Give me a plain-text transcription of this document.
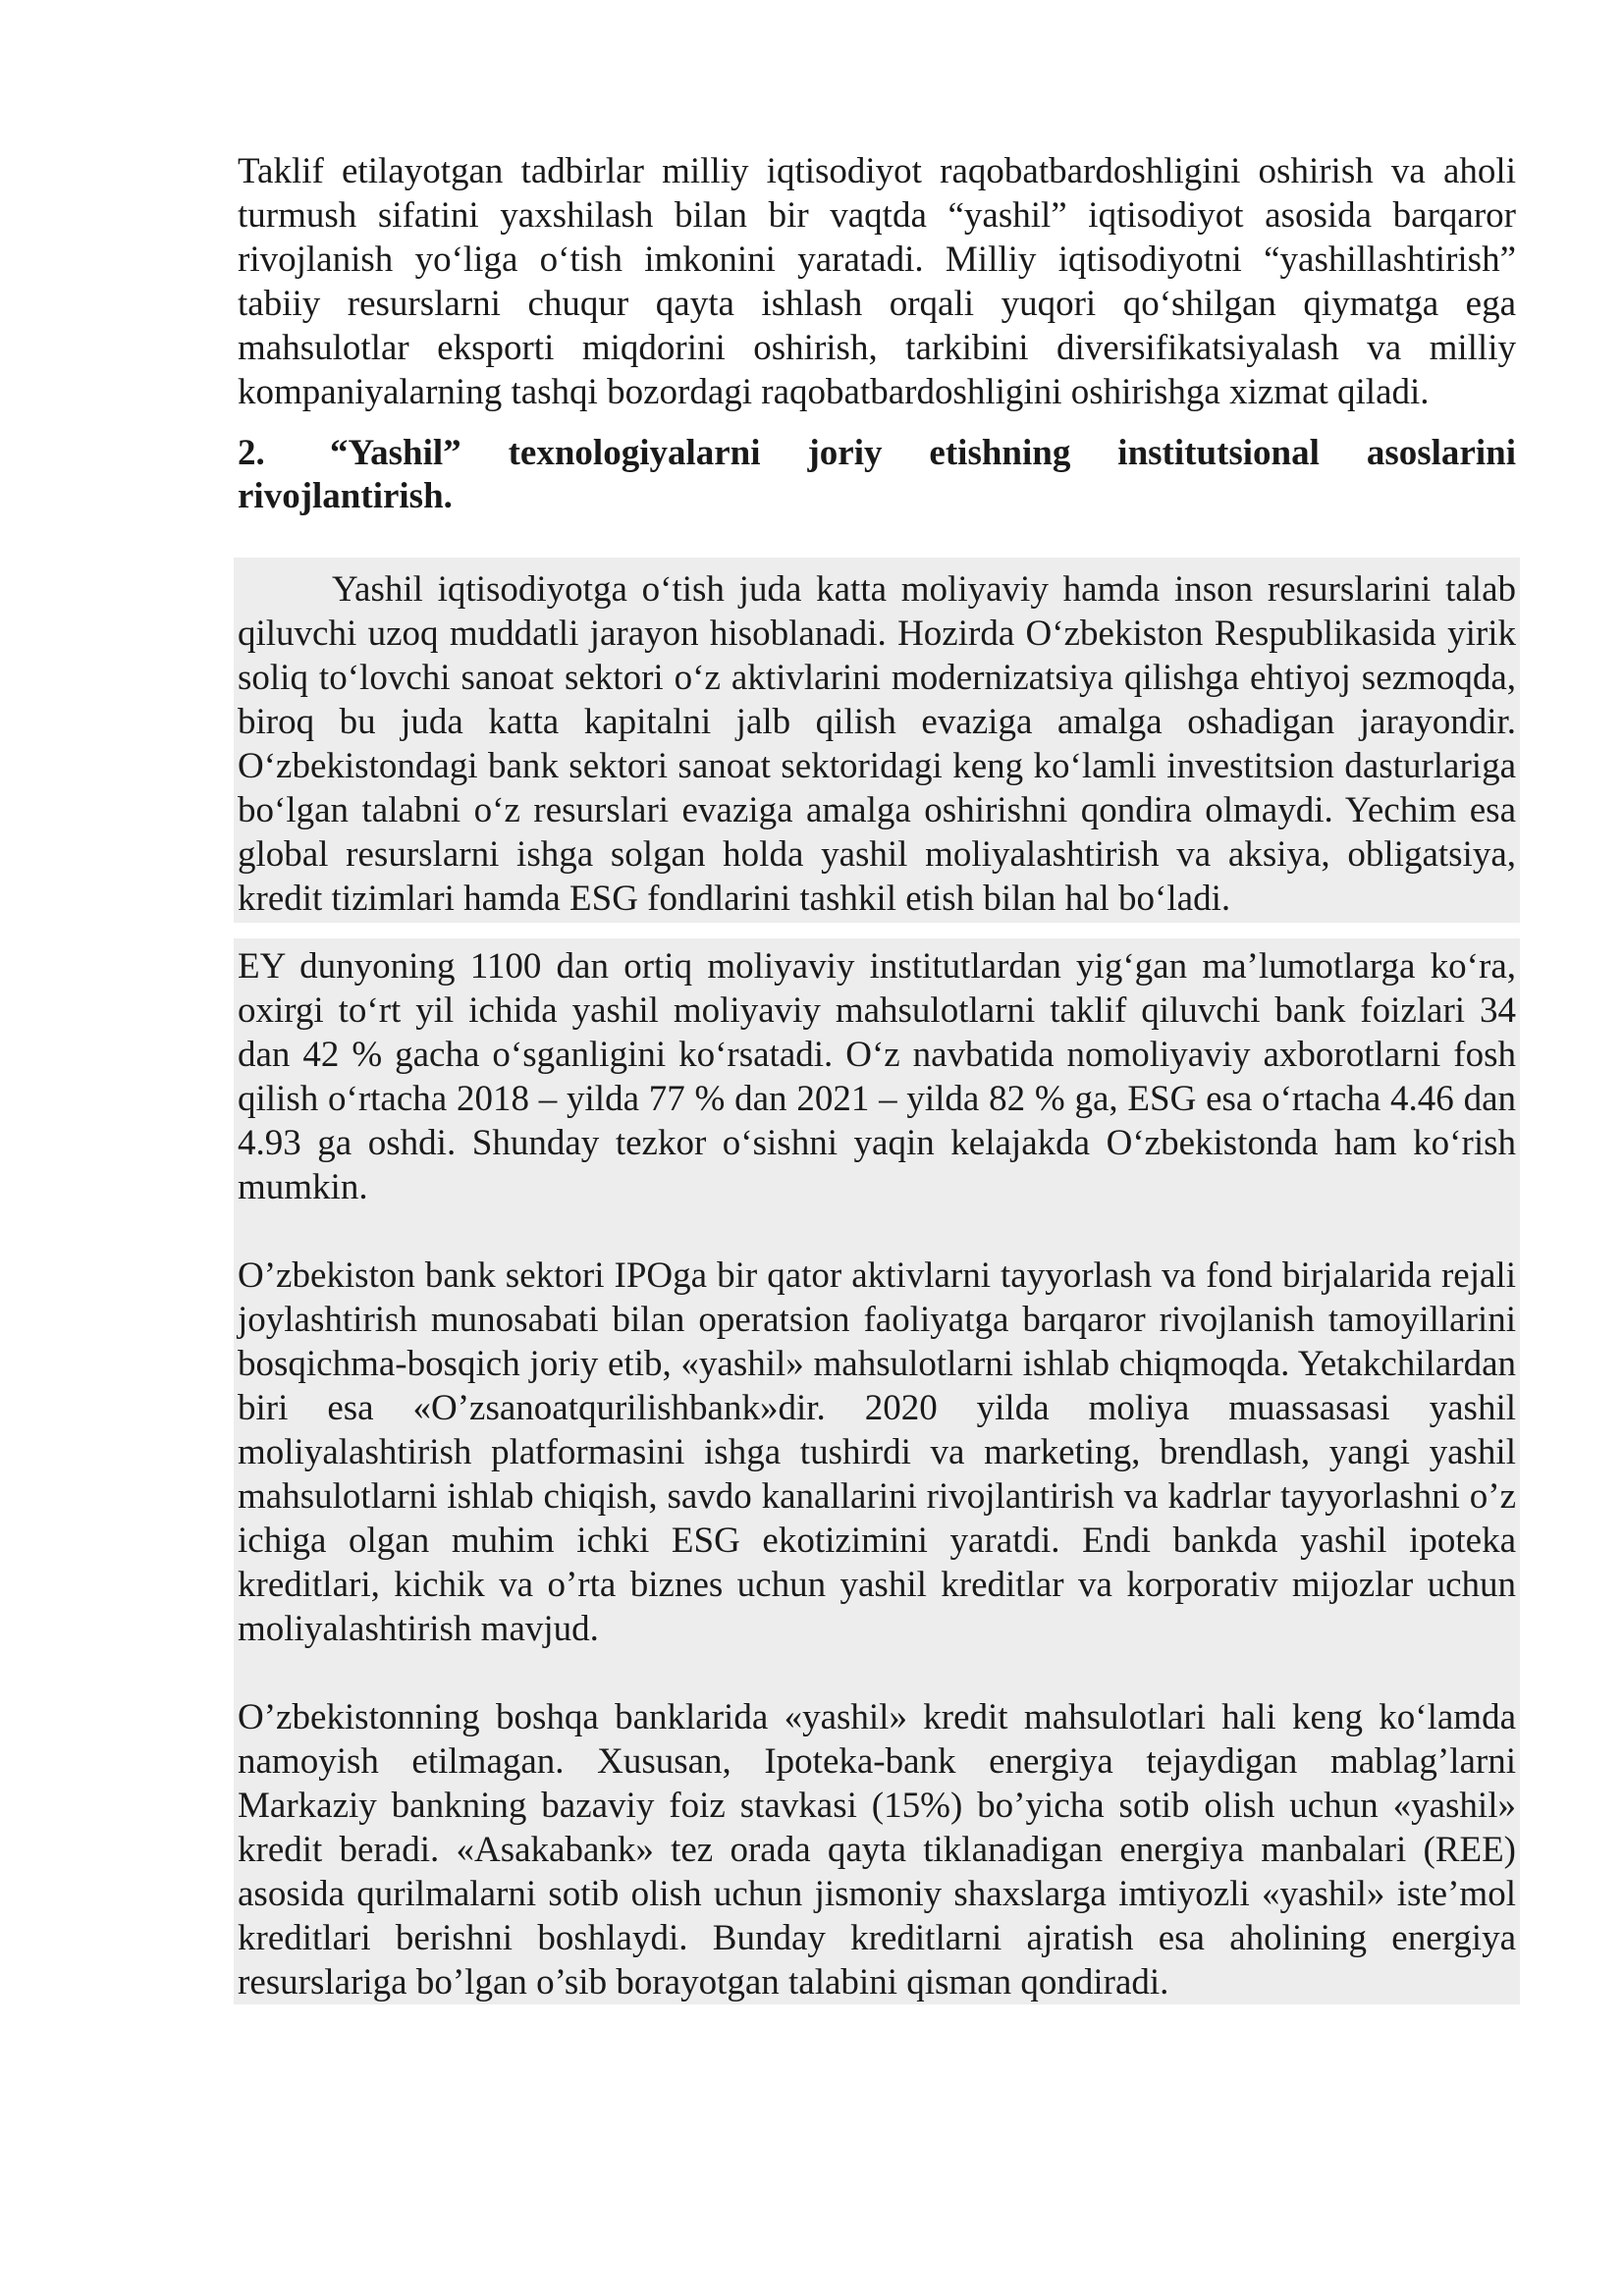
Taklif etilayotgan tadbirlar milliy iqtisodiyot raqobatbardoshligini oshirish va aholi turmush sifatini yaxshilash bilan bir vaqtda “yashil” iqtisodiyot asosida barqaror rivojlanish yo‘liga o‘tish imkonini yaratadi. Milliy iqtisodiyotni “yashillashtirish” tabiiy resurslarni chuqur qayta ishlash orqali yuqori qo‘shilgan qiymatga ega mahsulotlar eksporti miqdorini oshirish, tarkibini diversifikatsiyalash va milliy kompaniyalarning tashqi bozordagi raqobatbardoshligini oshirishga xizmat qiladi.

2. “Yashil” texnologiyalarni joriy etishning institutsional asoslarini rivojlantirish.

Yashil iqtisodiyotga o‘tish juda katta moliyaviy hamda inson resurslarini talab qiluvchi uzoq muddatli jarayon hisoblanadi. Hozirda O‘zbekiston Respublikasida yirik soliq to‘lovchi sanoat sektori o‘z aktivlarini modernizatsiya qilishga ehtiyoj sezmoqda, biroq bu juda katta kapitalni jalb qilish evaziga amalga oshadigan jarayondir. O‘zbekistondagi bank sektori sanoat sektoridagi keng ko‘lamli investitsion dasturlariga bo‘lgan talabni o‘z resurslari evaziga amalga oshirishni qondira olmaydi. Yechim esa global resurslarni ishga solgan holda yashil moliyalashtirish va aksiya, obligatsiya, kredit tizimlari hamda ESG fondlarini tashkil etish bilan hal bo‘ladi.

EY dunyoning 1100 dan ortiq moliyaviy institutlardan yig‘gan ma’lumotlarga ko‘ra, oxirgi to‘rt yil ichida yashil moliyaviy mahsulotlarni taklif qiluvchi bank foizlari 34 dan 42 % gacha o‘sganligini ko‘rsatadi. O‘z navbatida nomoliyaviy axborotlarni fosh qilish o‘rtacha 2018 – yilda 77 % dan 2021 – yilda 82 % ga, ESG esa o‘rtacha 4.46 dan 4.93 ga oshdi. Shunday tezkor o‘sishni yaqin kelajakda O‘zbekistonda ham ko‘rish mumkin.

O’zbekiston bank sektori IPOga bir qator aktivlarni tayyorlash va fond birjalarida rejali joylashtirish munosabati bilan operatsion faoliyatga barqaror rivojlanish tamoyillarini bosqichma-bosqich joriy etib, «yashil» mahsulotlarni ishlab chiqmoqda. Yetakchilardan biri esa «O’zsanoatqurilishbank»dir. 2020 yilda moliya muassasasi yashil moliyalashtirish platformasini ishga tushirdi va marketing, brendlash, yangi yashil mahsulotlarni ishlab chiqish, savdo kanallarini rivojlantirish va kadrlar tayyorlashni o’z ichiga olgan muhim ichki ESG ekotizimini yaratdi. Endi bankda yashil ipoteka kreditlari, kichik va o’rta biznes uchun yashil kreditlar va korporativ mijozlar uchun moliyalashtirish mavjud.

O’zbekistonning boshqa banklarida «yashil» kredit mahsulotlari hali keng ko‘lamda namoyish etilmagan. Xususan, Ipoteka-bank energiya tejaydigan mablag’larni Markaziy bankning bazaviy foiz stavkasi (15%) bo’yicha sotib olish uchun «yashil» kredit beradi. «Asakabank» tez orada qayta tiklanadigan energiya manbalari (REE) asosida qurilmalarni sotib olish uchun jismoniy shaxslarga imtiyozli «yashil» iste’mol kreditlari berishni boshlaydi. Bunday kreditlarni ajratish esa aholining energiya resurslariga bo’lgan o’sib borayotgan talabini qisman qondiradi.
